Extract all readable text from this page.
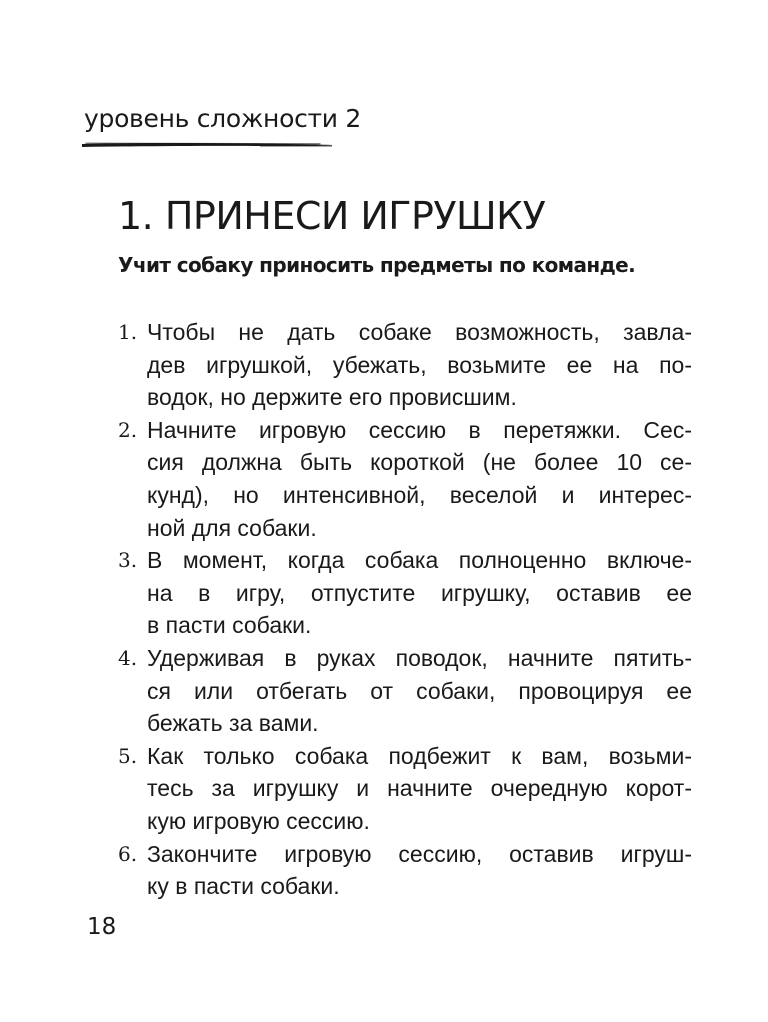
уровень сложности 2
1. ПРИНЕСИ ИГРУШКУ
Учит собаку приносить предметы по команде.
1. Чтобы не дать собаке возможность, завла-
дев игрушкой, убежать, возьмите ее на по-
водок, но держите его провисшим.
2. Начните игровую сессию в перетяжки. Сес-
сия должна быть короткой (не более 10 се-
кунд), но интенсивной, веселой и интерес-
ной для собаки.
3. В момент, когда собака полноценно включе-
на в игру, отпустите игрушку, оставив ее
в пасти собаки.
4. Удерживая в руках поводок, начните пятить-
ся или отбегать от собаки, провоцируя ее
бежать за вами.
5. Как только собака подбежит к вам, возьми-
тесь за игрушку и начните очередную корот-
кую игровую сессию.
6. Закончите игровую сессию, оставив игруш-
ку в пасти собаки.
18
